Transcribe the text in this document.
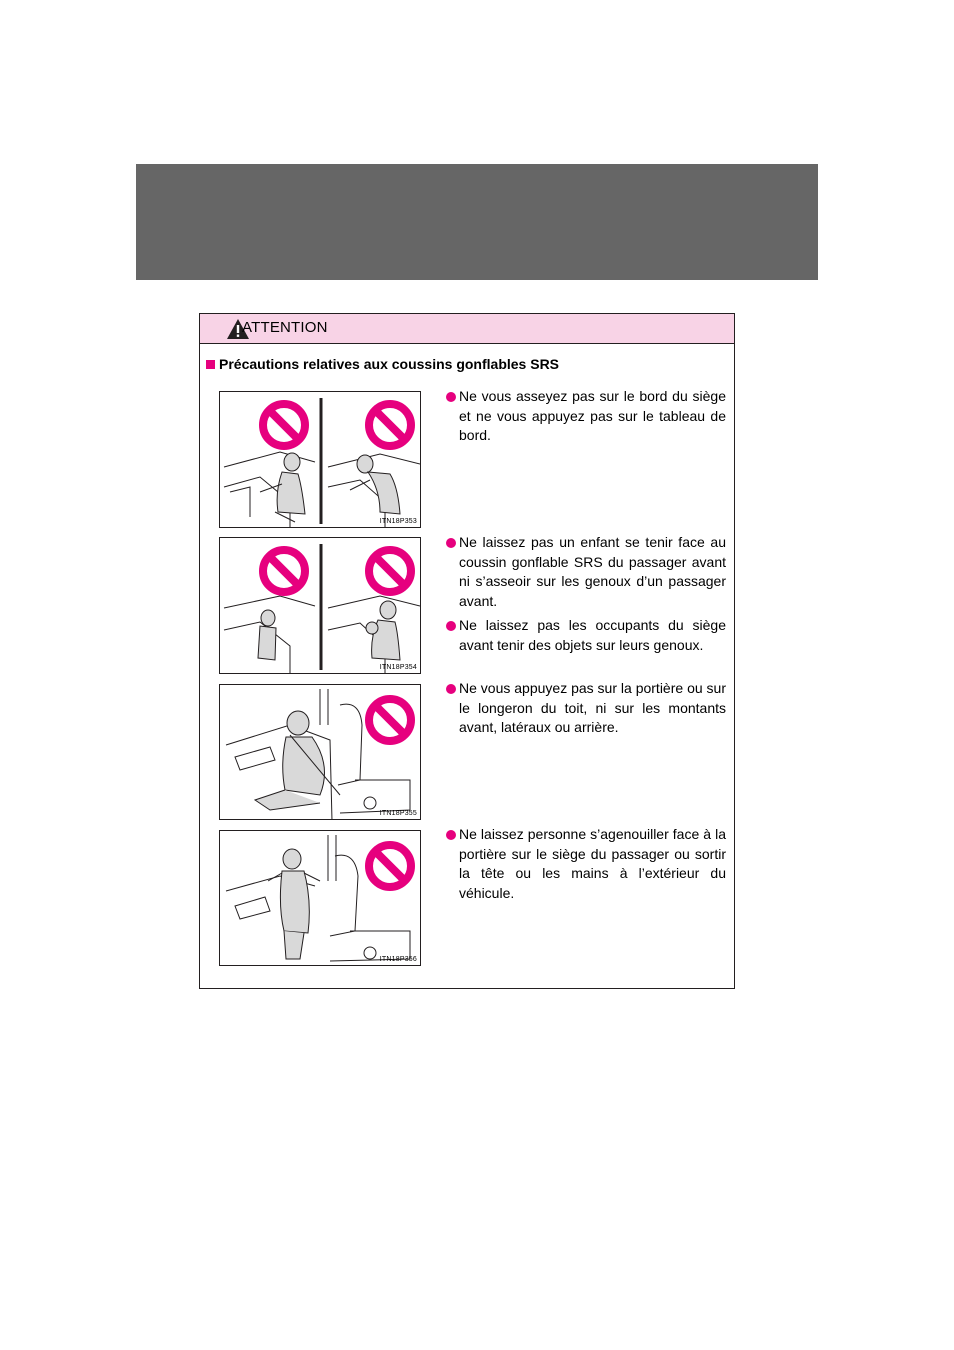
ATTENTION
Précautions relatives aux coussins gonflables SRS
ITN18P353
ITN18P354
ITN18P355
ITN18P356
Ne vous asseyez pas sur le bord du siège et ne vous appuyez pas sur le tableau de bord.
Ne laissez pas un enfant se tenir face au coussin gonflable SRS du passager avant ni s’asseoir sur les genoux d’un passager avant.
Ne laissez pas les occupants du siège avant tenir des objets sur leurs genoux.
Ne vous appuyez pas sur la portière ou sur le longeron du toit, ni sur les montants avant, latéraux ou arrière.
Ne laissez personne s’agenouiller face à la portière sur le siège du passager ou sortir la tête ou les mains à l’extérieur du véhicule.
